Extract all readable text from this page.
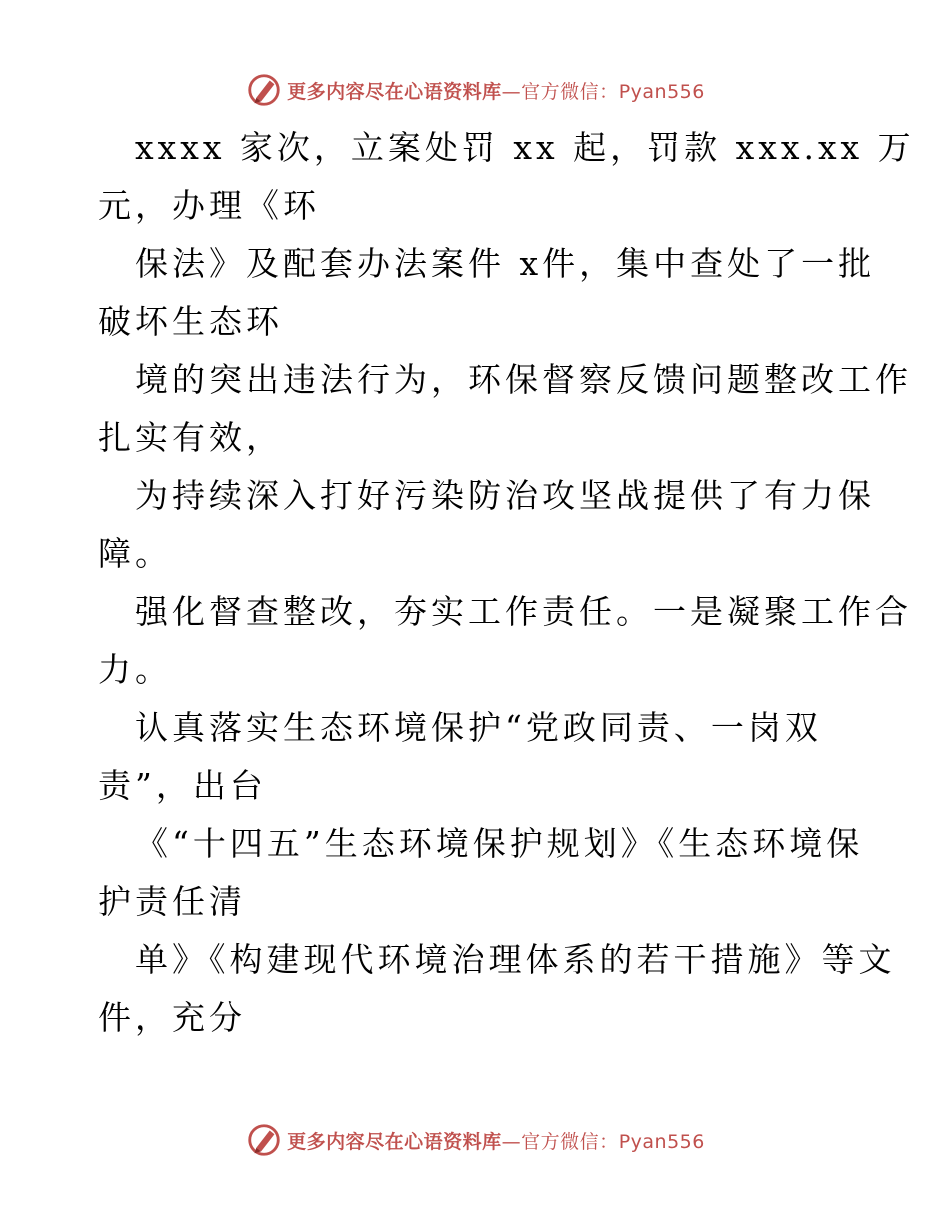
更多内容尽在心语资料库—官方微信：Pyan556
xxxx 家次，立案处罚 xx 起，罚款 xxx.xx 万
元，办理《环
保法》及配套办法案件 x件，集中查处了一批
破坏生态环
境的突出违法行为，环保督察反馈问题整改工作
扎实有效，
为持续深入打好污染防治攻坚战提供了有力保
障。
强化督查整改，夯实工作责任。一是凝聚工作合
力。
认真落实生态环境保护“党政同责、一岗双
责”，出台
《“十四五”生态环境保护规划》《生态环境保
护责任清
单》《构建现代环境治理体系的若干措施》等文
件，充分
更多内容尽在心语资料库—官方微信：Pyan556
